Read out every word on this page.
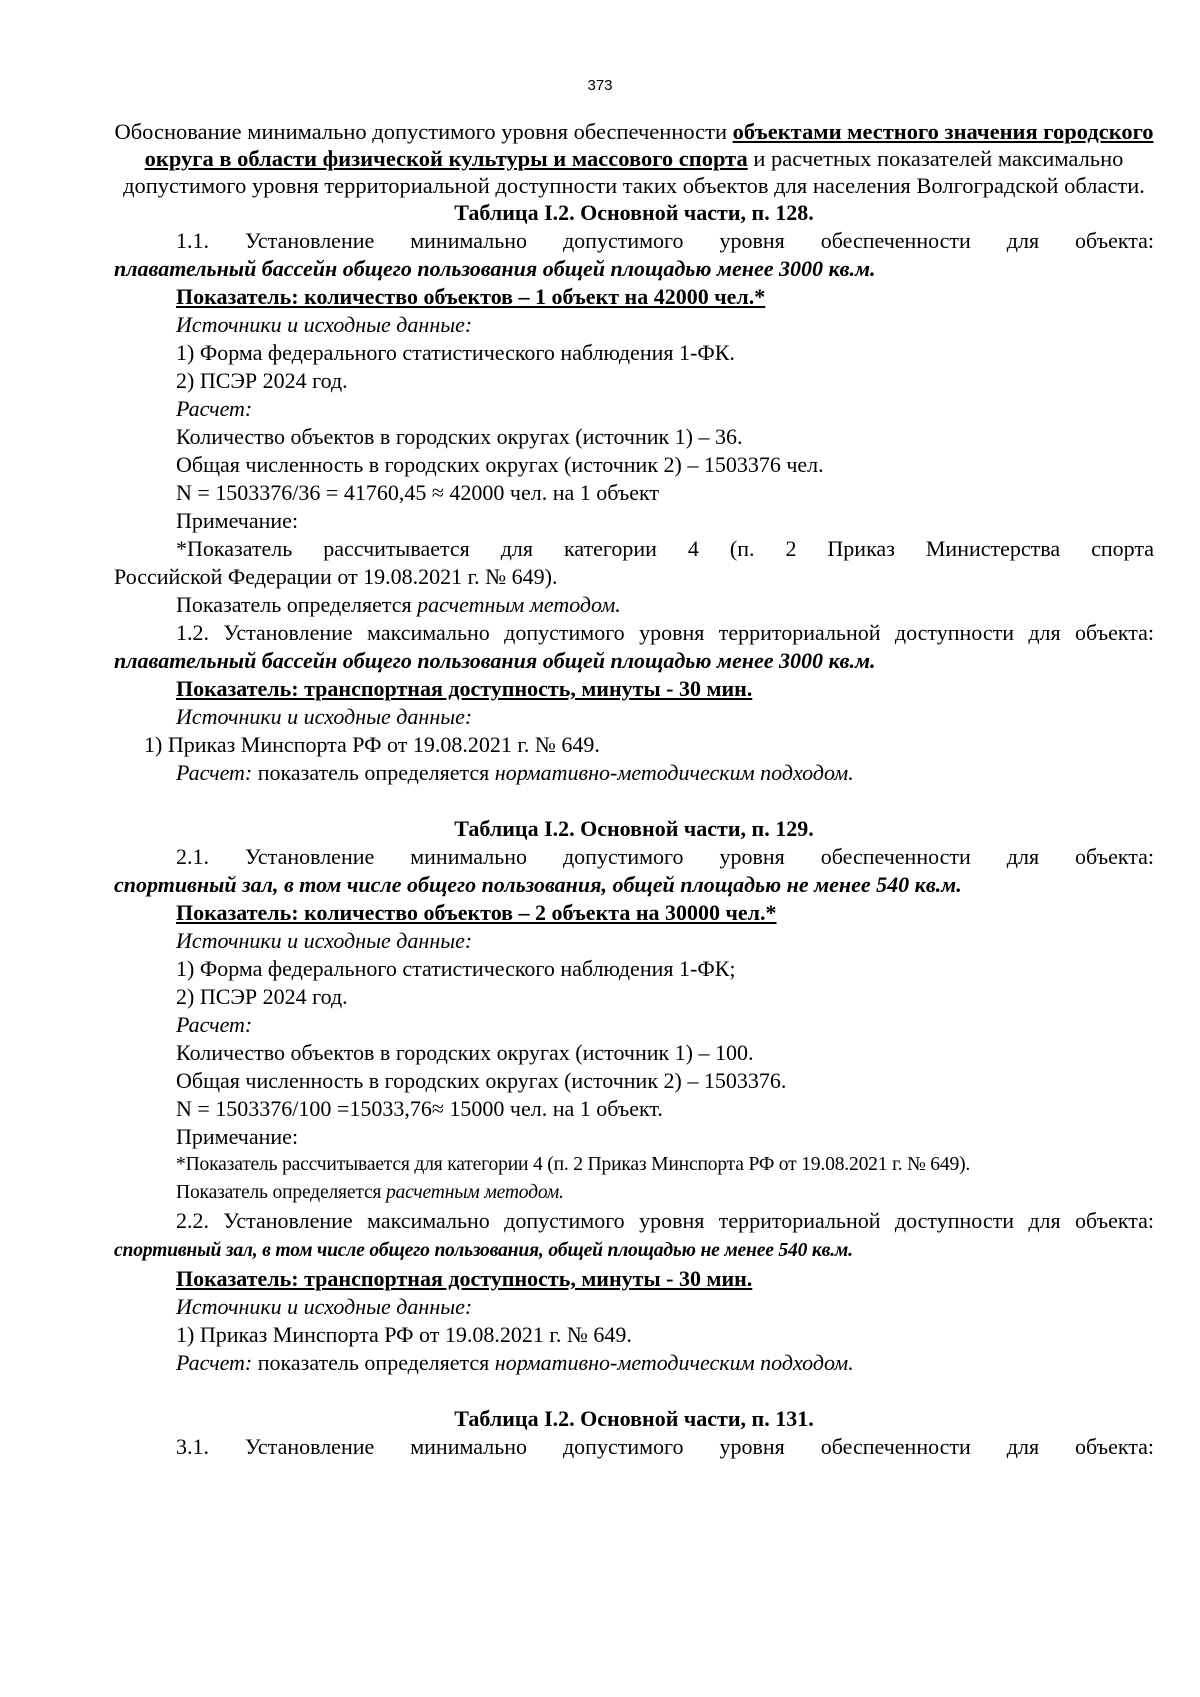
373
Обоснование минимально допустимого уровня обеспеченности объектами местного значения городского округа в области физической культуры и массового спорта и расчетных показателей максимально допустимого уровня территориальной доступности таких объектов для населения Волгоградской области.
Таблица I.2. Основной части, п. 128.
1.1. Установление минимально допустимого уровня обеспеченности для объекта:
плавательный бассейн общего пользования общей площадью менее 3000 кв.м.
Показатель: количество объектов – 1 объект на 42000 чел.*
Источники и исходные данные:
1) Форма федерального статистического наблюдения 1-ФК.
2) ПСЭР 2024 год.
Расчет:
Количество объектов в городских округах (источник 1) – 36.
Общая численность в городских округах (источник 2) – 1503376 чел.
N = 1503376/36 = 41760,45 ≈ 42000 чел. на 1 объект
Примечание:
*Показатель рассчитывается для категории 4 (п. 2 Приказ Министерства спорта
Российской Федерации от 19.08.2021 г. № 649).
Показатель определяется расчетным методом.
1.2. Установление максимально допустимого уровня территориальной доступности для объекта: плавательный бассейн общего пользования общей площадью менее 3000 кв.м.
Показатель: транспортная доступность, минуты - 30 мин.
Источники и исходные данные:
1) Приказ Минспорта РФ от 19.08.2021 г. № 649.
Расчет: показатель определяется нормативно-методическим подходом.
Таблица I.2. Основной части, п. 129.
2.1. Установление минимально допустимого уровня обеспеченности для объекта:
спортивный зал, в том числе общего пользования, общей площадью не менее 540 кв.м.
Показатель: количество объектов – 2 объекта на 30000 чел.*
Источники и исходные данные:
1) Форма федерального статистического наблюдения 1-ФК;
2) ПСЭР 2024 год.
Расчет:
Количество объектов в городских округах (источник 1) – 100.
Общая численность в городских округах (источник 2) – 1503376.
N = 1503376/100 =15033,76≈ 15000 чел. на 1 объект.
Примечание:
*Показатель рассчитывается для категории 4 (п. 2 Приказ Минспорта РФ от 19.08.2021 г. № 649).
Показатель определяется расчетным методом.
2.2. Установление максимально допустимого уровня территориальной доступности для объекта: спортивный зал, в том числе общего пользования, общей площадью не менее 540 кв.м.
Показатель: транспортная доступность, минуты - 30 мин.
Источники и исходные данные:
1) Приказ Минспорта РФ от 19.08.2021 г. № 649.
Расчет: показатель определяется нормативно-методическим подходом.
Таблица I.2. Основной части, п. 131.
3.1. Установление минимально допустимого уровня обеспеченности для объекта:
